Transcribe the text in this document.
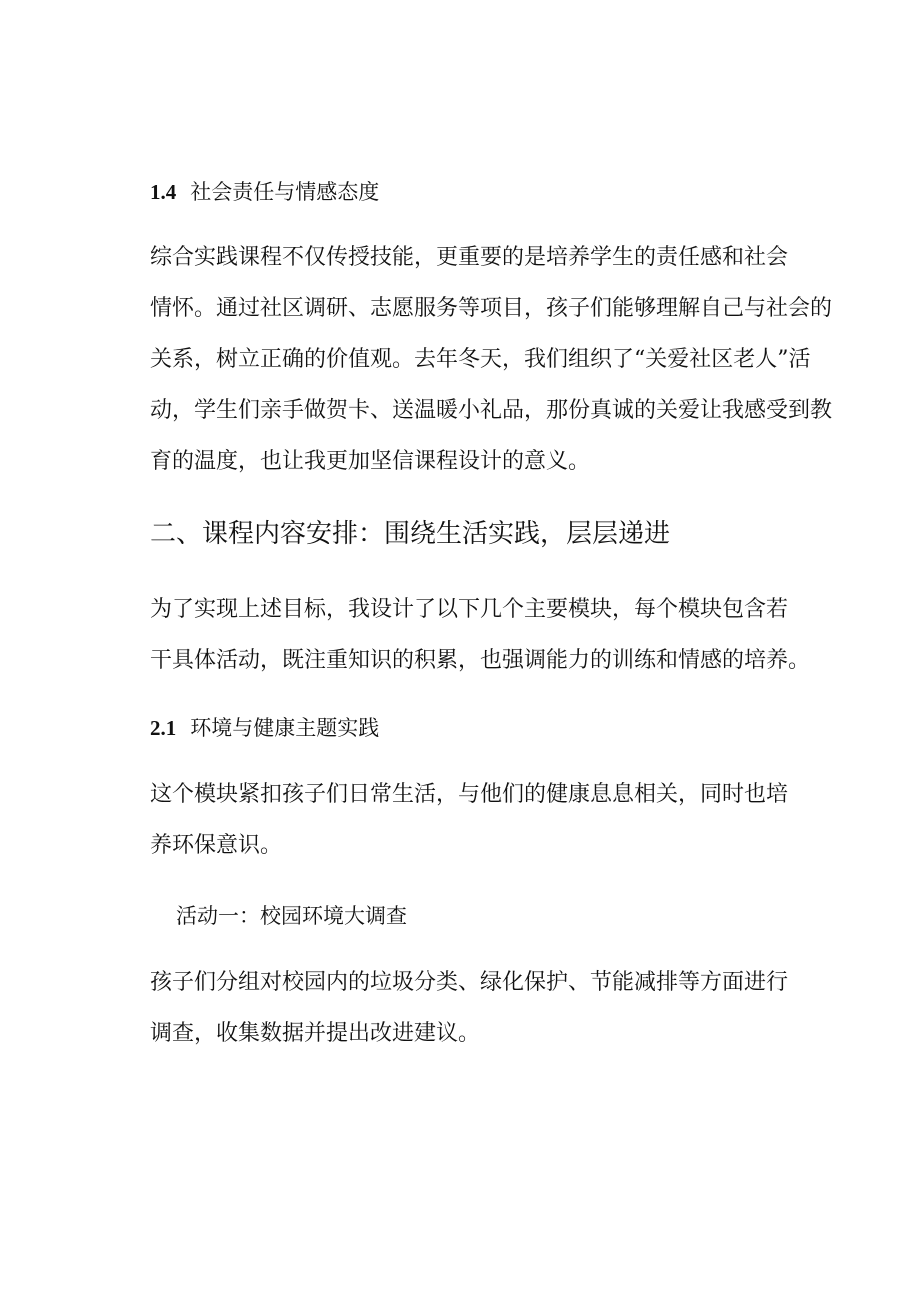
1.4 社会责任与情感态度
综合实践课程不仅传授技能，更重要的是培养学生的责任感和社会
情怀。通过社区调研、志愿服务等项目，孩子们能够理解自己与社会的
关系，树立正确的价值观。去年冬天，我们组织了“关爱社区老人”活
动，学生们亲手做贺卡、送温暖小礼品，那份真诚的关爱让我感受到教
育的温度，也让我更加坚信课程设计的意义。
二、课程内容安排：围绕生活实践，层层递进
为了实现上述目标，我设计了以下几个主要模块，每个模块包含若
干具体活动，既注重知识的积累，也强调能力的训练和情感的培养。
2.1 环境与健康主题实践
这个模块紧扣孩子们日常生活，与他们的健康息息相关，同时也培
养环保意识。
活动一：校园环境大调查
孩子们分组对校园内的垃圾分类、绿化保护、节能减排等方面进行
调查，收集数据并提出改进建议。
